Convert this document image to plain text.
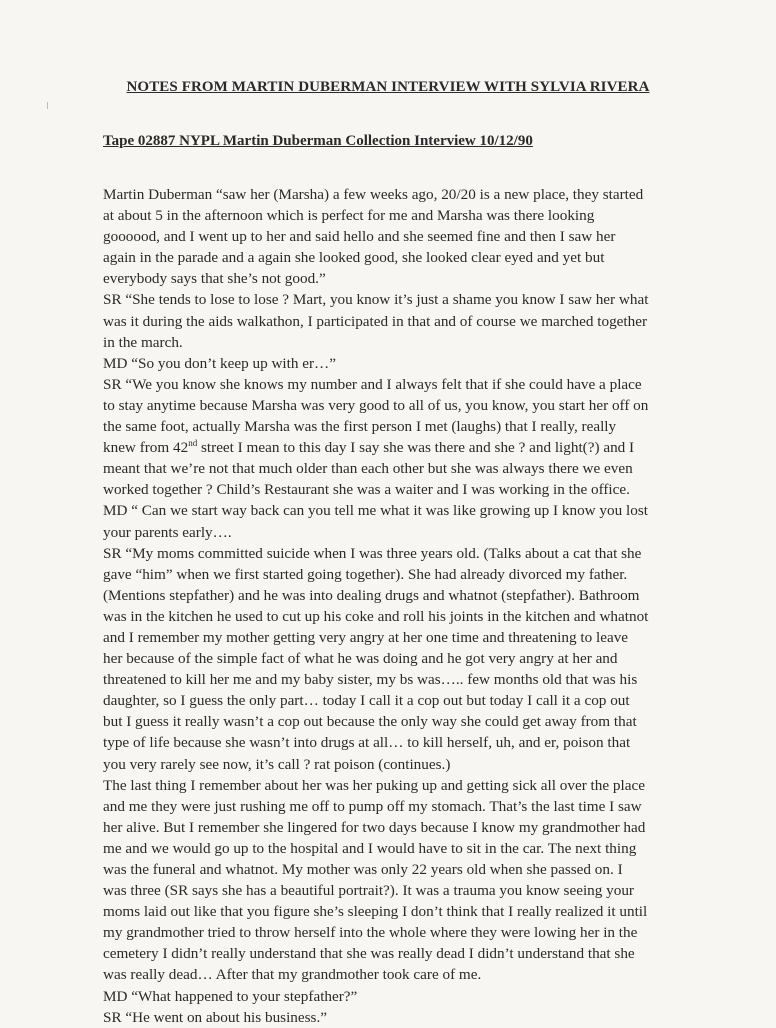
NOTES FROM MARTIN DUBERMAN INTERVIEW WITH SYLVIA RIVERA
Tape 02887 NYPL Martin Duberman Collection Interview 10/12/90
Martin Duberman “saw her (Marsha) a few weeks ago, 20/20 is a new place, they started
at about 5 in the afternoon which is perfect for me and Marsha was there looking
goooood, and I went up to her and said hello and she seemed fine and then I saw her
again in the parade and a again she looked good, she looked clear eyed and yet but
everybody says that she’s not good.”
SR “She tends to lose to lose ? Mart, you know it’s just a shame you know I saw her what
was it during the aids walkathon, I participated in that and of course we marched together
in the march.
MD “So you don’t keep up with er…”
SR “We you know she knows my number and I always felt that if she could have a place
to stay anytime because Marsha was very good to all of us, you know, you start her off on
the same foot, actually Marsha was the first person I met (laughs) that I really, really
knew from 42nd street I mean to this day I say she was there and she ? and light(?) and I
meant that we’re not that much older than each other but she was always there we even
worked together ? Child’s Restaurant she was a waiter and I was working in the office.
MD “ Can we start way back can you tell me what it was like growing up I know you lost
your parents early….
SR “My moms committed suicide when I was three years old. (Talks about a cat that she
gave “him” when we first started going together). She had already divorced my father.
(Mentions stepfather) and he was into dealing drugs and whatnot (stepfather). Bathroom
was in the kitchen he used to cut up his coke and roll his joints in the kitchen and whatnot
and I remember my mother getting very angry at her one time and threatening to leave
her because of the simple fact of what he was doing and he got very angry at her and
threatened to kill her me and my baby sister, my bs was….. few months old that was his
daughter, so I guess the only part… today I call it a cop out but today I call it a cop out
but I guess it really wasn’t a cop out because the only way she could get away from that
type of life because she wasn’t into drugs at all… to kill herself, uh, and er, poison that
you very rarely see now, it’s call ? rat poison (continues.)
The last thing I remember about her was her puking up and getting sick all over the place
and me they were just rushing me off to pump off my stomach. That’s the last time I saw
her alive. But I remember she lingered for two days because I know my grandmother had
me and we would go up to the hospital and I would have to sit in the car. The next thing
was the funeral and whatnot. My mother was only 22 years old when she passed on. I
was three (SR says she has a beautiful portrait?). It was a trauma you know seeing your
moms laid out like that you figure she’s sleeping I don’t think that I really realized it until
my grandmother tried to throw herself into the whole where they were lowing her in the
cemetery I didn’t really understand that she was really dead I didn’t understand that she
was really dead… After that my grandmother took care of me.
MD “What happened to your stepfather?”
SR “He went on about his business.”
